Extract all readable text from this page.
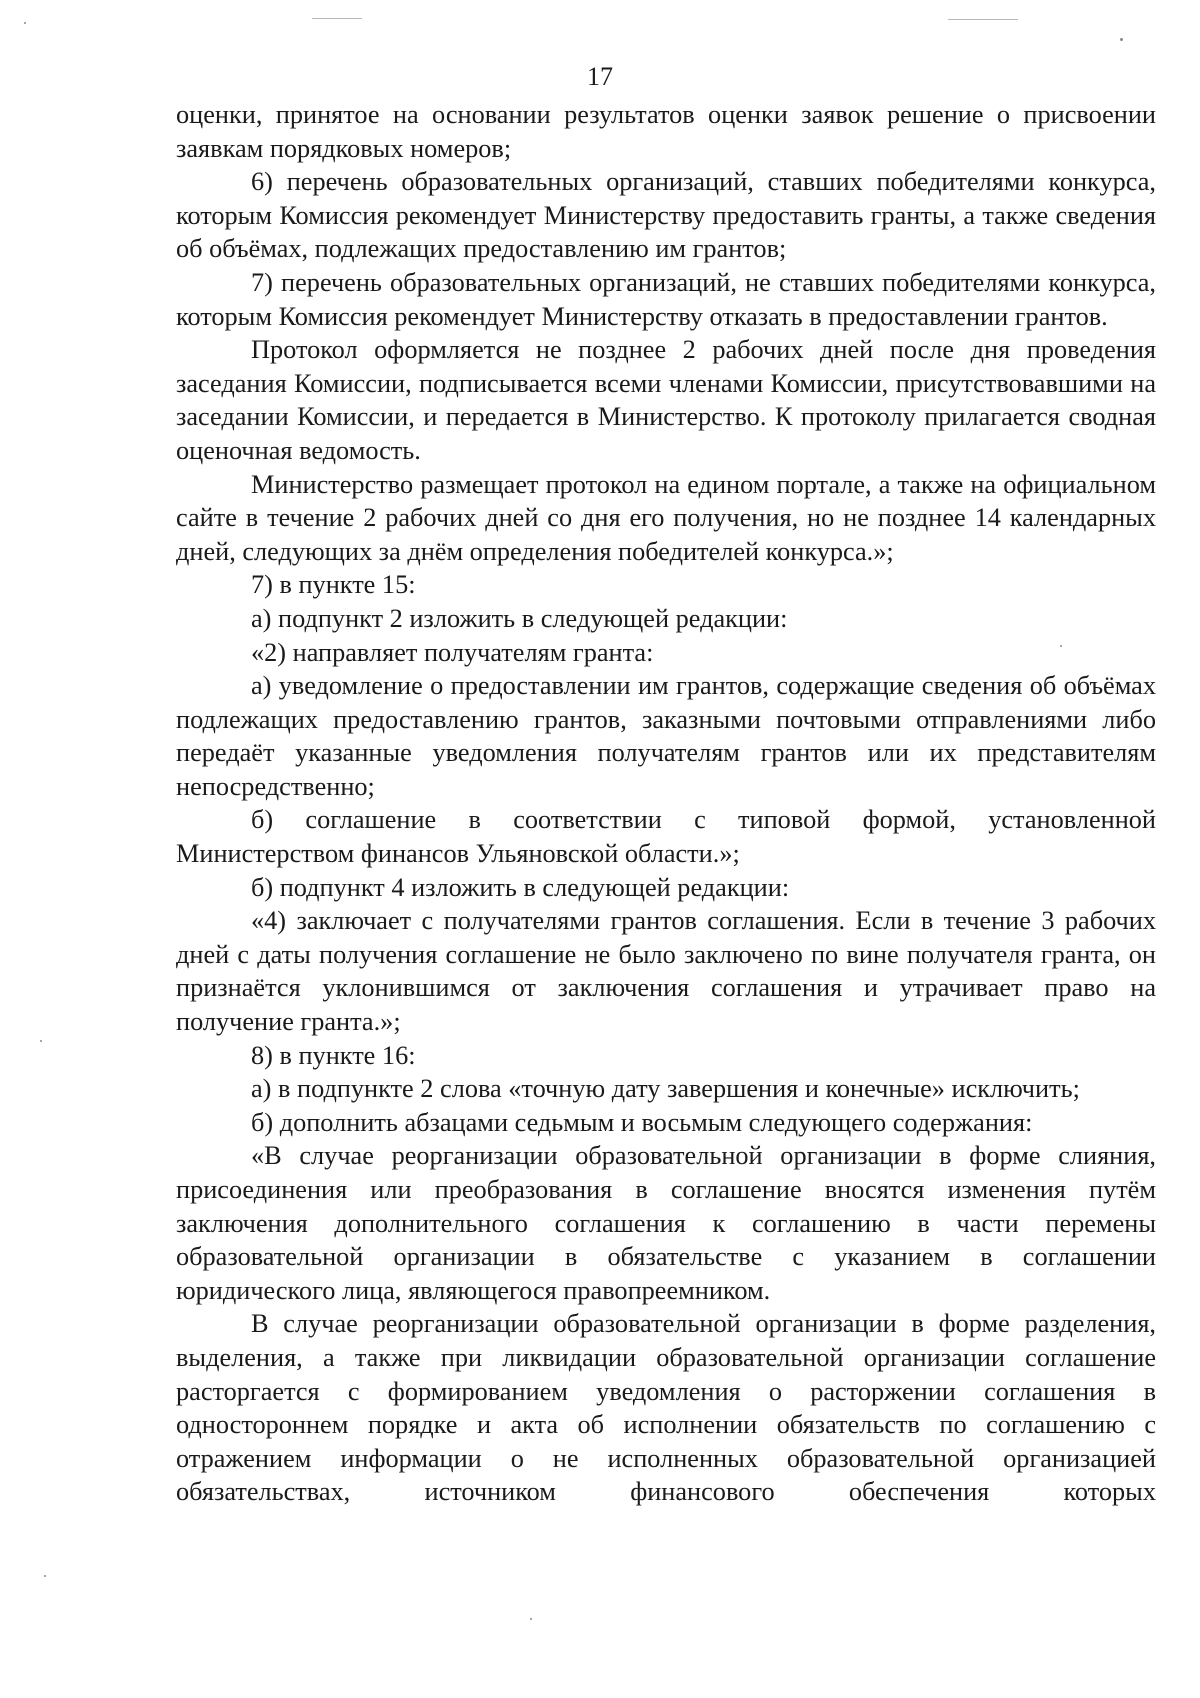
17

оценки, принятое на основании результатов оценки заявок решение о присвоении заявкам порядковых номеров;

6) перечень образовательных организаций, ставших победителями конкурса, которым Комиссия рекомендует Министерству предоставить гранты, а также сведения об объёмах, подлежащих предоставлению им грантов;

7) перечень образовательных организаций, не ставших победителями конкурса, которым Комиссия рекомендует Министерству отказать в предоставлении грантов.

Протокол оформляется не позднее 2 рабочих дней после дня проведения заседания Комиссии, подписывается всеми членами Комиссии, присутствовавшими на заседании Комиссии, и передается в Министерство. К протоколу прилагается сводная оценочная ведомость.

Министерство размещает протокол на едином портале, а также на официальном сайте в течение 2 рабочих дней со дня его получения, но не позднее 14 календарных дней, следующих за днём определения победителей конкурса.»;

7) в пункте 15:

а) подпункт 2 изложить в следующей редакции:

«2) направляет получателям гранта:

а) уведомление о предоставлении им грантов, содержащие сведения об объёмах подлежащих предоставлению грантов, заказными почтовыми отправлениями либо передаёт указанные уведомления получателям грантов или их представителям непосредственно;

б) соглашение в соответствии с типовой формой, установленной Министерством финансов Ульяновской области.»;

б) подпункт 4 изложить в следующей редакции:

«4) заключает с получателями грантов соглашения. Если в течение 3 рабочих дней с даты получения соглашение не было заключено по вине получателя гранта, он признаётся уклонившимся от заключения соглашения и утрачивает право на получение гранта.»;

8) в пункте 16:

а) в подпункте 2 слова «точную дату завершения и конечные» исключить;

б) дополнить абзацами седьмым и восьмым следующего содержания:

«В случае реорганизации образовательной организации в форме слияния, присоединения или преобразования в соглашение вносятся изменения путём заключения дополнительного соглашения к соглашению в части перемены образовательной организации в обязательстве с указанием в соглашении юридического лица, являющегося правопреемником.

В случае реорганизации образовательной организации в форме разделения, выделения, а также при ликвидации образовательной организации соглашение расторгается с формированием уведомления о расторжении соглашения в одностороннем порядке и акта об исполнении обязательств по соглашению с отражением информации о не исполненных образовательной организацией обязательствах, источником финансового обеспечения которых
